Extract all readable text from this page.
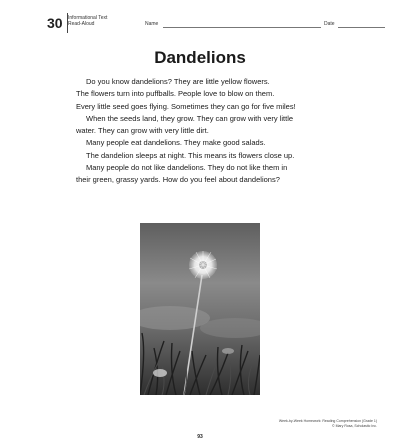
30	Informational Text
Read-Aloud	Name	Date
Dandelions

Do you know dandelions? They are little yellow flowers.

The flowers turn into puffballs. People love to blow on them.

Every little seed goes flying. Sometimes they can go for five miles!

When the seeds land, they grow. They can grow with very little

water. They can grow with very little dirt.

Many people eat dandelions. They make good salads.

The dandelion sleeps at night. This means its flowers close up.

Many people do not like dandelions. They do not like them in

their green, grassy yards. How do you feel about dandelions?

Week-by-Week Homework: Reading Comprehension (Grade 1)
© Mary Rosa, Scholastic Inc.
93
